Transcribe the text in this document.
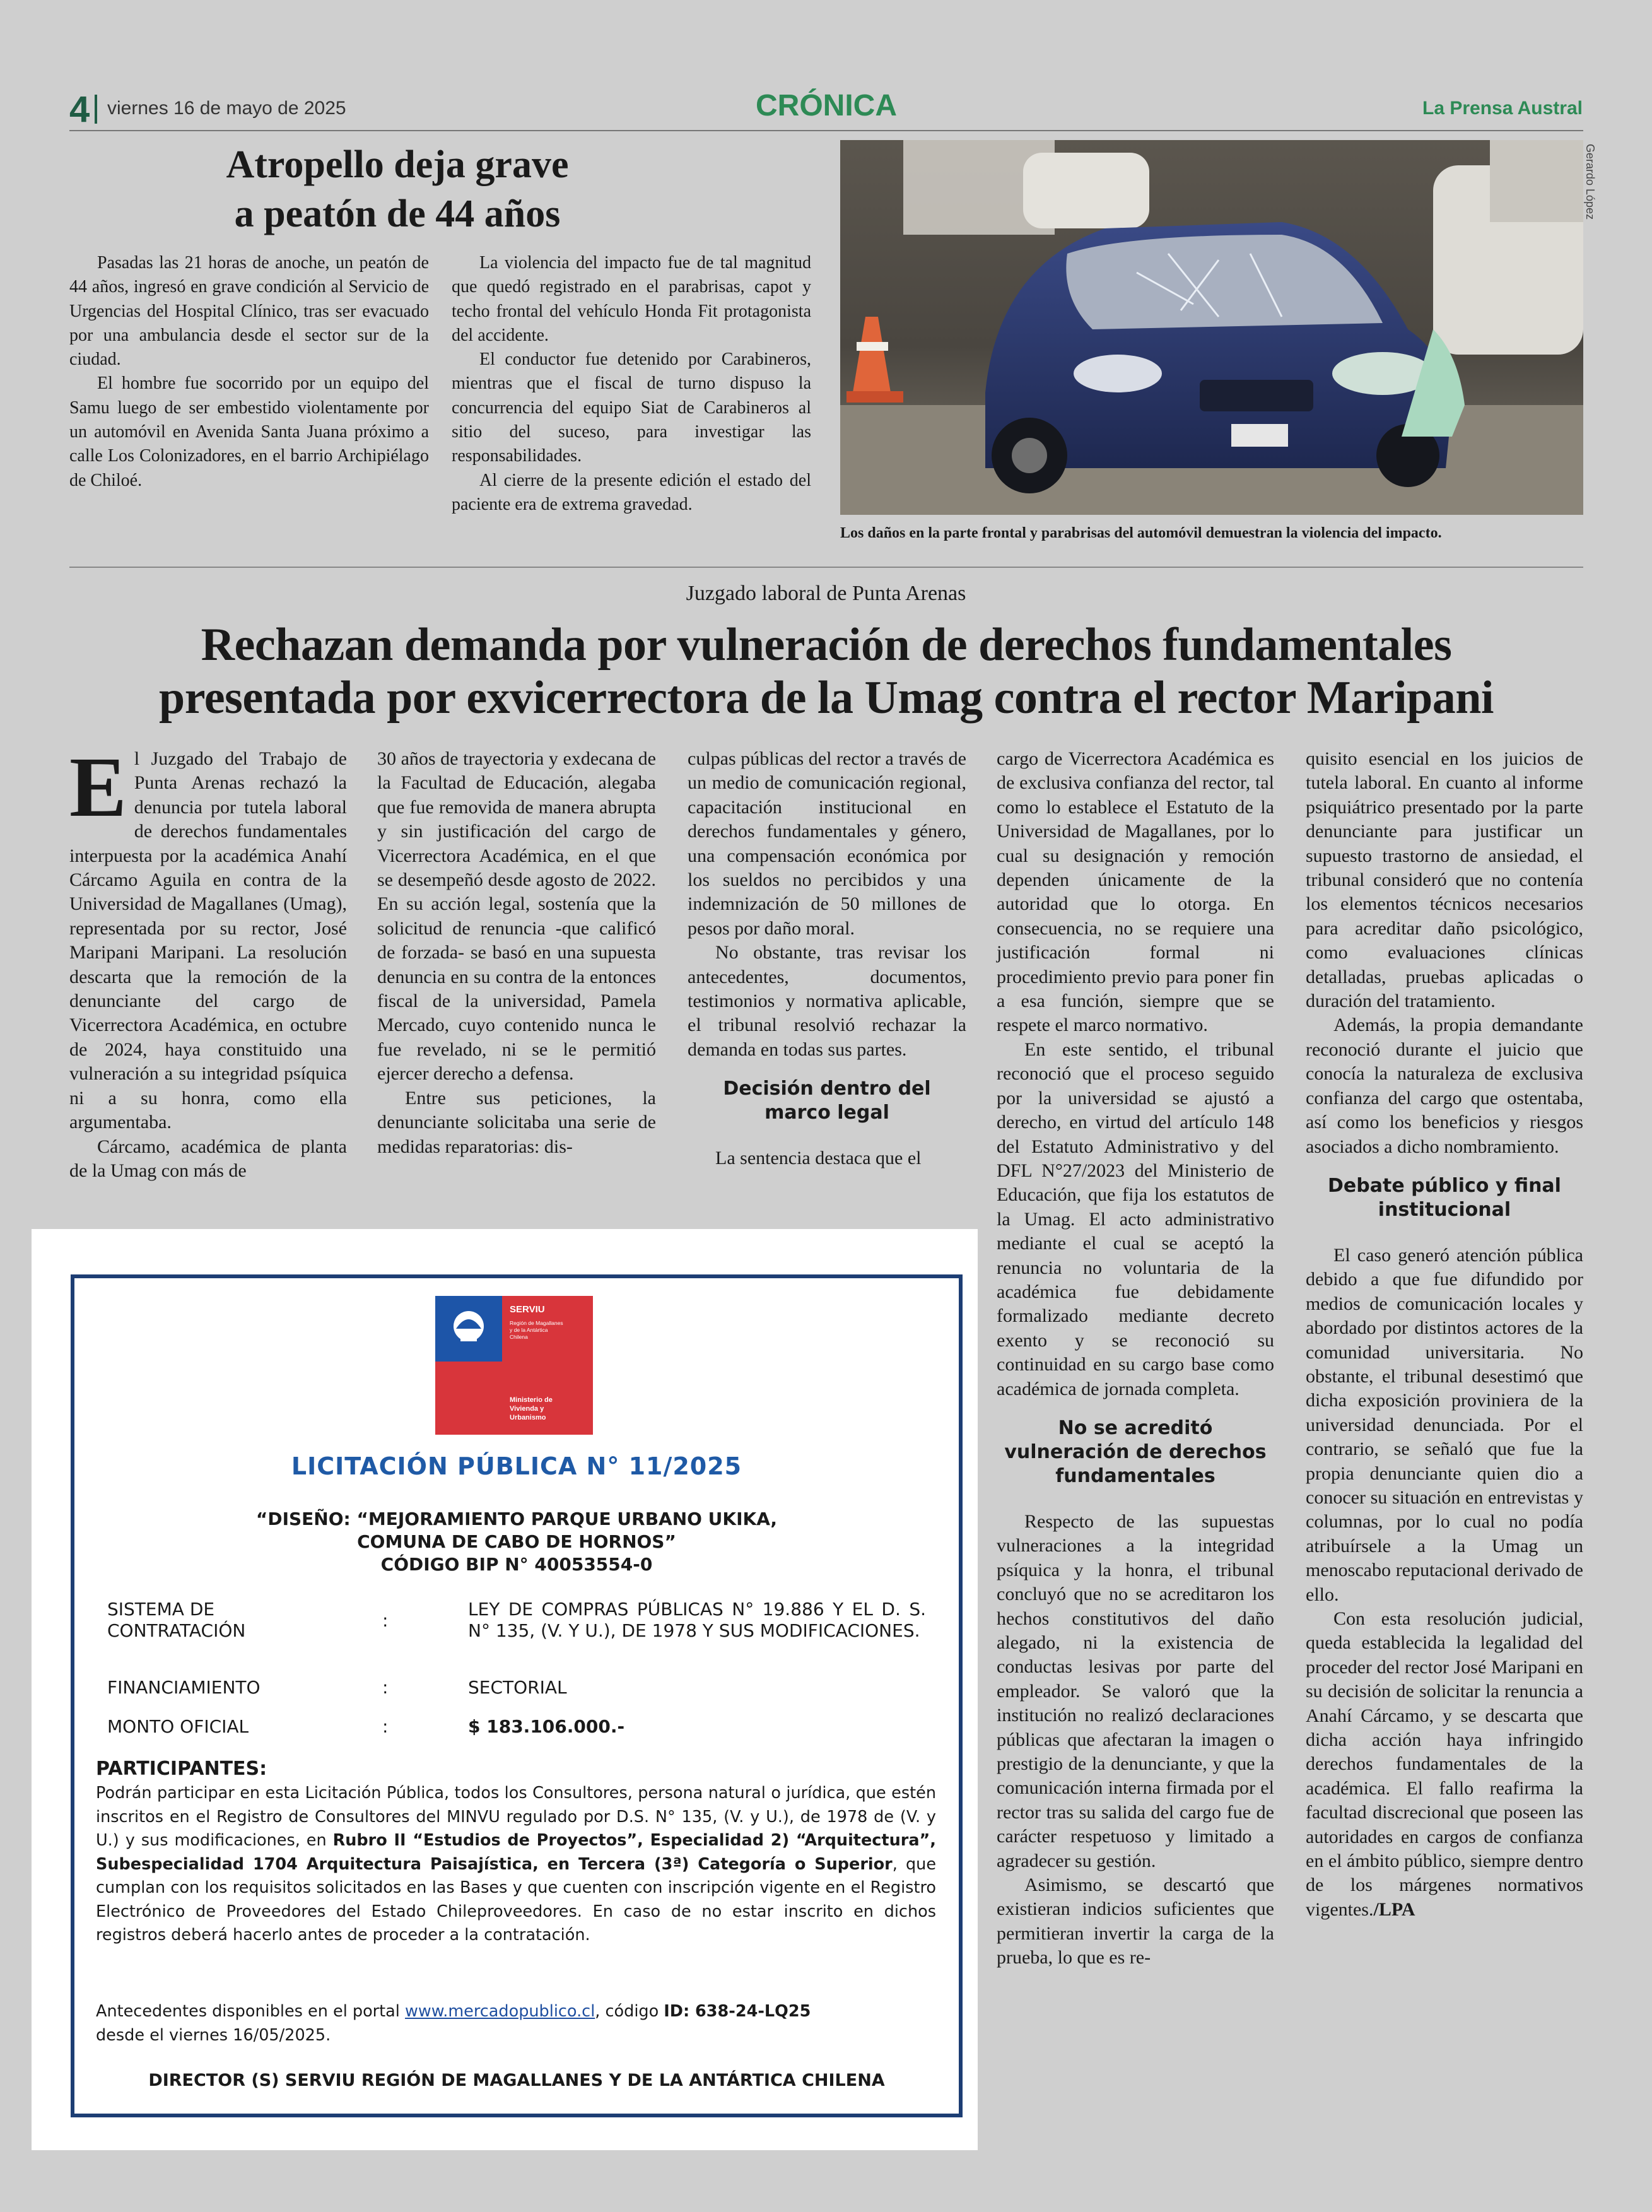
4 viernes 16 de mayo de 2025	CRÓNICA	La Prensa Austral
Atropello deja grave
a peatón de 44 años

Pasadas las 21 horas de anoche, un peatón de 44 años, ingresó en grave condición al Servicio de Urgencias del Hospital Clínico, tras ser evacuado por una ambulancia desde el sector sur de la ciudad.

El hombre fue socorrido por un equipo del Samu luego de ser embestido violentamente por un automóvil en Avenida Santa Juana próximo a calle Los Colonizadores, en el barrio Archipiélago de Chiloé.

La violencia del impacto fue de tal magnitud que quedó registrado en el parabrisas, capot y techo frontal del vehículo Honda Fit protagonista del accidente.

El conductor fue detenido por Carabineros, mientras que el fiscal de turno dispuso la concurrencia del equipo Siat de Carabineros al sitio del suceso, para investigar las responsabilidades.

Al cierre de la presente edición el estado del paciente era de extrema gravedad.

Gerardo López
Los daños en la parte frontal y parabrisas del automóvil demuestran la violencia del impacto.
Juzgado laboral de Punta Arenas
Rechazan demanda por vulneración de derechos fundamentales
presentada por exvicerrectora de la Umag contra el rector Maripani

El Juzgado del Trabajo de Punta Arenas rechazó la denuncia por tutela laboral de derechos fundamentales interpuesta por la académica Anahí Cárcamo Aguila en contra de la Universidad de Magallanes (Umag), representada por su rector, José Maripani Maripani. La resolución descarta que la remoción de la denunciante del cargo de Vicerrectora Académica, en octubre de 2024, haya constituido una vulneración a su integridad psíquica ni a su honra, como ella argumentaba.

Cárcamo, académica de planta de la Umag con más de

30 años de trayectoria y exdecana de la Facultad de Educación, alegaba que fue removida de manera abrupta y sin justificación del cargo de Vicerrectora Académica, en el que se desempeñó desde agosto de 2022. En su acción legal, sostenía que la solicitud de renuncia -que calificó de forzada- se basó en una supuesta denuncia en su contra de la entonces fiscal de la universidad, Pamela Mercado, cuyo contenido nunca le fue revelado, ni se le permitió ejercer derecho a defensa.

Entre sus peticiones, la denunciante solicitaba una serie de medidas reparatorias: dis-

culpas públicas del rector a través de un medio de comunicación regional, capacitación institucional en derechos fundamentales y género, una compensación económica por los sueldos no percibidos y una indemnización de 50 millones de pesos por daño moral.

No obstante, tras revisar los antecedentes, documentos, testimonios y normativa aplicable, el tribunal resolvió rechazar la demanda en todas sus partes.

Decisión dentro del marco legal

La sentencia destaca que el

cargo de Vicerrectora Académica es de exclusiva confianza del rector, tal como lo establece el Estatuto de la Universidad de Magallanes, por lo cual su designación y remoción dependen únicamente de la autoridad que lo otorga. En consecuencia, no se requiere una justificación formal ni procedimiento previo para poner fin a esa función, siempre que se respete el marco normativo.

En este sentido, el tribunal reconoció que el proceso seguido por la universidad se ajustó a derecho, en virtud del artículo 148 del Estatuto Administrativo y del DFL N°27/2023 del Ministerio de Educación, que fija los estatutos de la Umag. El acto administrativo mediante el cual se aceptó la renuncia no voluntaria de la académica fue debidamente formalizado mediante decreto exento y se reconoció su continuidad en su cargo base como académica de jornada completa.

No se acreditó vulneración de derechos fundamentales

Respecto de las supuestas vulneraciones a la integridad psíquica y la honra, el tribunal concluyó que no se acreditaron los hechos constitutivos del daño alegado, ni la existencia de conductas lesivas por parte del empleador. Se valoró que la institución no realizó declaraciones públicas que afectaran la imagen o prestigio de la denunciante, y que la comunicación interna firmada por el rector tras su salida del cargo fue de carácter respetuoso y limitado a agradecer su gestión.

Asimismo, se descartó que existieran indicios suficientes que permitieran invertir la carga de la prueba, lo que es re-

quisito esencial en los juicios de tutela laboral. En cuanto al informe psiquiátrico presentado por la parte denunciante para justificar un supuesto trastorno de ansiedad, el tribunal consideró que no contenía los elementos técnicos necesarios para acreditar daño psicológico, como evaluaciones clínicas detalladas, pruebas aplicadas o duración del tratamiento.

Además, la propia demandante reconoció durante el juicio que conocía la naturaleza de exclusiva confianza del cargo que ostentaba, así como los beneficios y riesgos asociados a dicho nombramiento.

Debate público y final institucional

El caso generó atención pública debido a que fue difundido por medios de comunicación locales y abordado por distintos actores de la comunidad universitaria. No obstante, el tribunal desestimó que dicha exposición proviniera de la universidad denunciada. Por el contrario, se señaló que fue la propia denunciante quien dio a conocer su situación en entrevistas y columnas, por lo cual no podía atribuírsele a la Umag un menoscabo reputacional derivado de ello.

Con esta resolución judicial, queda establecida la legalidad del proceder del rector José Maripani en su decisión de solicitar la renuncia a Anahí Cárcamo, y se descarta que dicha acción haya infringido derechos fundamentales de la académica. El fallo reafirma la facultad discrecional que poseen las autoridades en cargos de confianza en el ámbito público, siempre dentro de los márgenes normativos vigentes./LPA

SERVIU
Región de Magallanes y de la Antártica Chilena
Ministerio de Vivienda y Urbanismo
LICITACIÓN PÚBLICA N° 11/2025
“DISEÑO: “MEJORAMIENTO PARQUE URBANO UKIKA,
COMUNA DE CABO DE HORNOS”
CÓDIGO BIP N° 40053554-0
SISTEMA DE CONTRATACIÓN	:
LEY DE COMPRAS PÚBLICAS N° 19.886 Y EL D. S. N° 135, (V. Y U.), DE 1978 Y SUS MODIFICACIONES.
FINANCIAMIENTO	:	SECTORIAL
MONTO OFICIAL	:	$ 183.106.000.-
PARTICIPANTES:
Podrán participar en esta Licitación Pública, todos los Consultores, persona natural o jurídica, que estén inscritos en el Registro de Consultores del MINVU regulado por D.S. N° 135, (V. y U.), de 1978 de (V. y U.) y sus modificaciones, en Rubro II “Estudios de Proyectos”, Especialidad 2) “Arquitectura”, Subespecialidad 1704 Arquitectura Paisajística, en Tercera (3ª) Categoría o Superior, que cumplan con los requisitos solicitados en las Bases y que cuenten con inscripción vigente en el Registro Electrónico de Proveedores del Estado Chileproveedores. En caso de no estar inscrito en dichos registros deberá hacerlo antes de proceder a la contratación.
Antecedentes disponibles en el portal www.mercadopublico.cl, código ID: 638-24-LQ25
desde el viernes 16/05/2025.
DIRECTOR (S) SERVIU REGIÓN DE MAGALLANES Y DE LA ANTÁRTICA CHILENA
